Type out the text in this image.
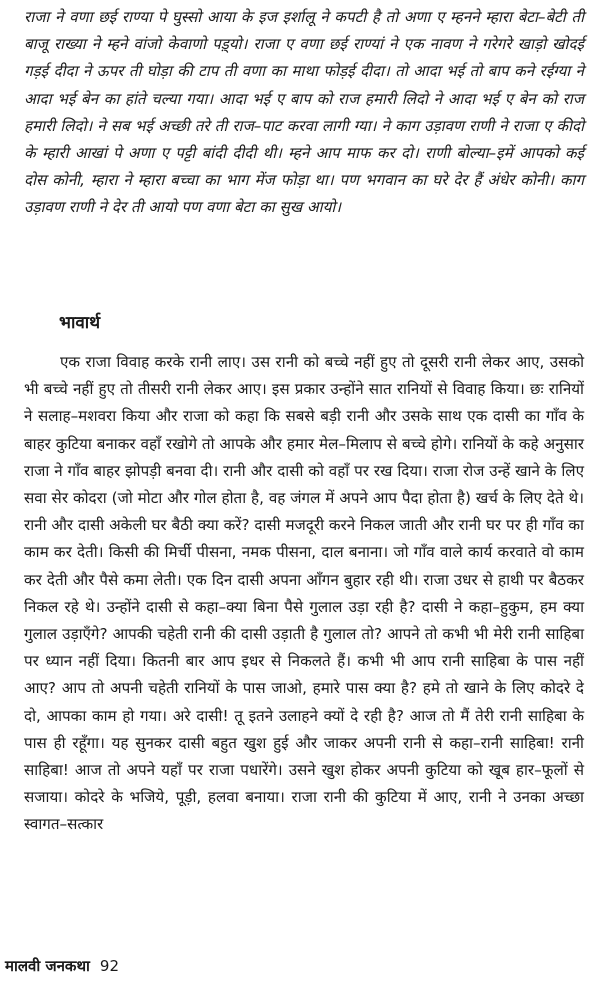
राजा ने वणा छई राण्या पे घुस्सो आया के इज इर्शालू ने कपटी है तो अणा ए म्हनने म्हारा बेटा–बेटी ती बाजू राख्या ने म्हने वांजो केवाणो पड़्यो। राजा ए वणा छई राण्यां ने एक नावण ने गरेगरे खाड़ो खोदई गड़ई दीदा ने ऊपर ती घोड़ा की टाप ती वणा का माथा फोड़ई दीदा। तो आदा भई तो बाप कने रईग्या ने आदा भई बेन का हांते चल्या गया। आदा भई ए बाप को राज हमारी लिदो ने आदा भई ए बेन को राज हमारी लिदो। ने सब भई अच्छी तरे ती राज–पाट करवा लागी ग्या। ने काग उड़ावण राणी ने राजा ए कीदो के म्हारी आखां पे अणा ए पट्टी बांदी दीदी थी। म्हने आप माफ कर दो। राणी बोल्या–इमें आपको कई दोस कोनी, म्हारा ने म्हारा बच्चा का भाग मेंज फोड़ा था। पण भगवान का घरे देर हैं अंधेर कोनी। काग उड़ावण राणी ने देर ती आयो पण वणा बेटा का सुख आयो।

भावार्थ

एक राजा विवाह करके रानी लाए। उस रानी को बच्चे नहीं हुए तो दूसरी रानी लेकर आए, उसको भी बच्चे नहीं हुए तो तीसरी रानी लेकर आए। इस प्रकार उन्होंने सात रानियों से विवाह किया। छः रानियों ने सलाह–मशवरा किया और राजा को कहा कि सबसे बड़ी रानी और उसके साथ एक दासी का गाँव के बाहर कुटिया बनाकर वहाँ रखोगे तो आपके और हमार मेल–मिलाप से बच्चे होगे। रानियों के कहे अनुसार राजा ने गाँव बाहर झोपड़ी बनवा दी। रानी और दासी को वहाँ पर रख दिया। राजा रोज उन्हें खाने के लिए सवा सेर कोदरा (जो मोटा और गोल होता है, वह जंगल में अपने आप पैदा होता है) खर्च के लिए देते थे। रानी और दासी अकेली घर बैठी क्या करें? दासी मजदूरी करने निकल जाती और रानी घर पर ही गाँव का काम कर देती। किसी की मिर्ची पीसना, नमक पीसना, दाल बनाना। जो गाँव वाले कार्य करवाते वो काम कर देती और पैसे कमा लेती। एक दिन दासी अपना आँगन बुहार रही थी। राजा उधर से हाथी पर बैठकर निकल रहे थे। उन्होंने दासी से कहा–क्या बिना पैसे गुलाल उड़ा रही है? दासी ने कहा–हुकुम, हम क्या गुलाल उड़ाएँगे? आपकी चहेती रानी की दासी उड़ाती है गुलाल तो? आपने तो कभी भी मेरी रानी साहिबा पर ध्यान नहीं दिया। कितनी बार आप इधर से निकलते हैं। कभी भी आप रानी साहिबा के पास नहीं आए? आप तो अपनी चहेती रानियों के पास जाओ, हमारे पास क्या है? हमे तो खाने के लिए कोदरे दे दो, आपका काम हो गया। अरे दासी! तू इतने उलाहने क्यों दे रही है? आज तो मैं तेरी रानी साहिबा के पास ही रहूँगा। यह सुनकर दासी बहुत खुश हुई और जाकर अपनी रानी से कहा–रानी साहिबा! रानी साहिबा! आज तो अपने यहाँ पर राजा पधारेंगे। उसने खुश होकर अपनी कुटिया को खूब हार–फूलों से सजाया। कोदरे के भजिये, पूड़ी, हलवा बनाया। राजा रानी की कुटिया में आए, रानी ने उनका अच्छा स्वागत–सत्कार

मालवी जनकथा 92
